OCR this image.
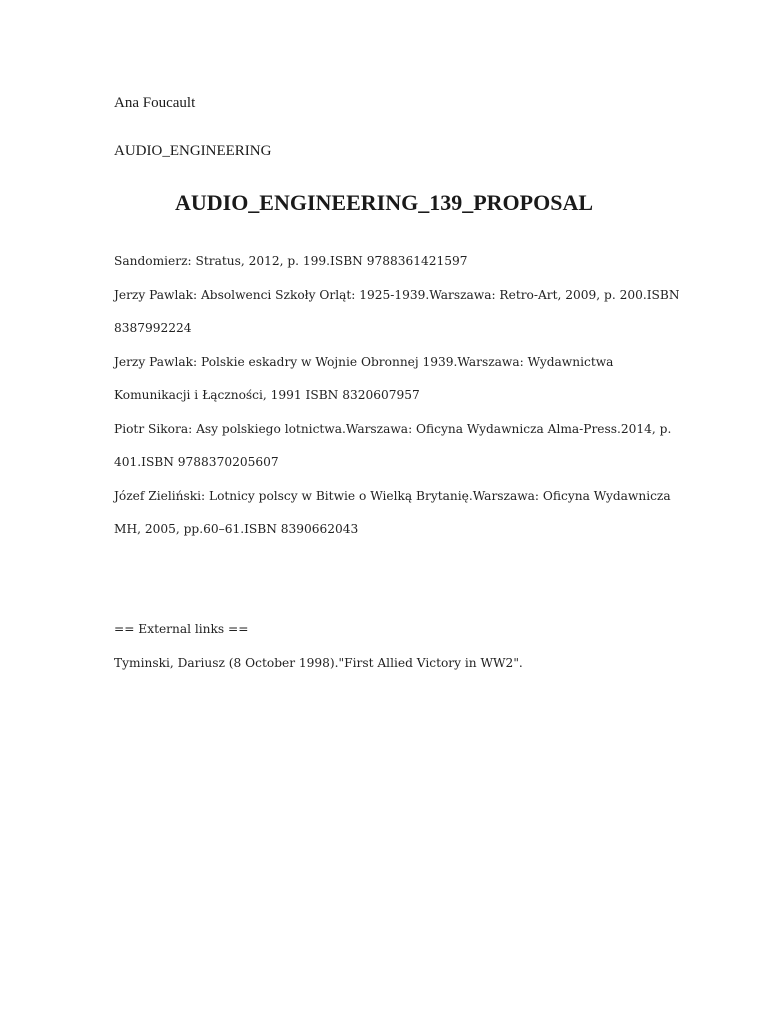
Ana Foucault
AUDIO_ENGINEERING
AUDIO_ENGINEERING_139_PROPOSAL
Sandomierz: Stratus, 2012, p. 199.ISBN 9788361421597
Jerzy Pawlak: Absolwenci Szkoły Orląt: 1925-1939.Warszawa: Retro-Art, 2009, p. 200.ISBN
8387992224
Jerzy Pawlak: Polskie eskadry w Wojnie Obronnej 1939.Warszawa: Wydawnictwa
Komunikacji i Łączności, 1991 ISBN 8320607957
Piotr Sikora: Asy polskiego lotnictwa.Warszawa: Oficyna Wydawnicza Alma-Press.2014, p.
401.ISBN 9788370205607
Józef Zieliński: Lotnicy polscy w Bitwie o Wielką Brytanię.Warszawa: Oficyna Wydawnicza
MH, 2005, pp.60–61.ISBN 8390662043
== External links ==
Tyminski, Dariusz (8 October 1998)."First Allied Victory in WW2".
